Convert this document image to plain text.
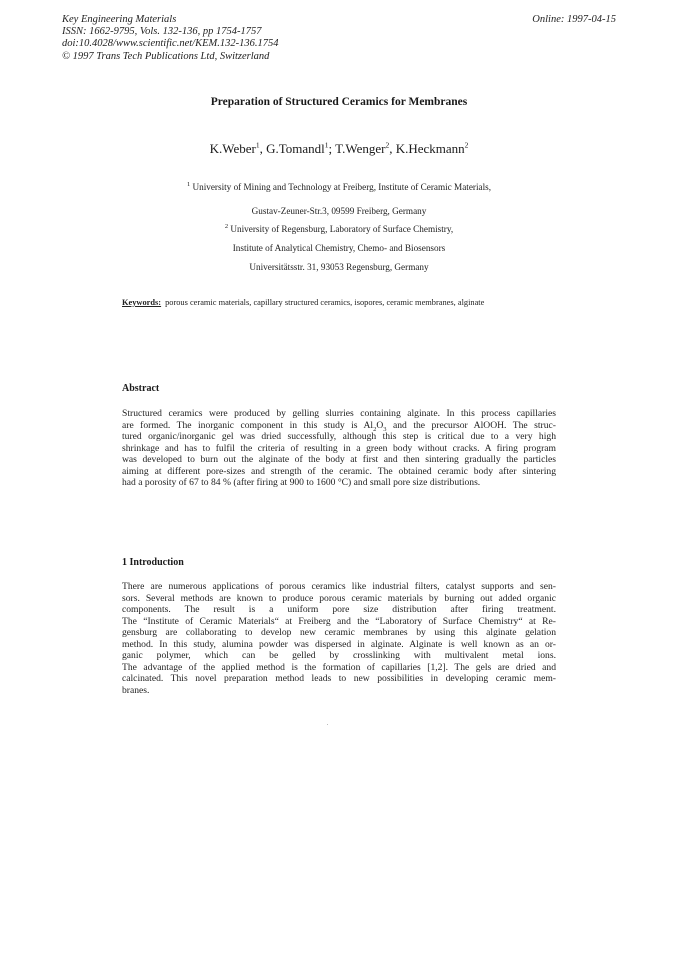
Key Engineering Materials
ISSN: 1662-9795, Vols. 132-136, pp 1754-1757
doi:10.4028/www.scientific.net/KEM.132-136.1754
© 1997 Trans Tech Publications Ltd, Switzerland
Online: 1997-04-15
Preparation of Structured Ceramics for Membranes
K.Weber$^1$, G.Tomandl$^1$; T.Wenger$^2$, K.Heckmann$^2$
$^1$ University of Mining and Technology at Freiberg, Institute of Ceramic Materials,
Gustav-Zeuner-Str.3, 09599 Freiberg, Germany
$^2$ University of Regensburg, Laboratory of Surface Chemistry,
Institute of Analytical Chemistry, Chemo- and Biosensors
Universitätsstr. 31, 93053 Regensburg, Germany
Keywords: porous ceramic materials, capillary structured ceramics, isopores, ceramic membranes, alginate
Abstract
Structured ceramics were produced by gelling slurries containing alginate. In this process capillaries
are formed. The inorganic component in this study is $Al_2O_3$ and the precursor AlOOH. The struc-
tured organic/inorganic gel was dried successfully, although this step is critical due to a very high
shrinkage and has to fulfil the criteria of resulting in a green body without cracks. A firing program
was developed to burn out the alginate of the body at first and then sintering gradually the particles
aiming at different pore-sizes and strength of the ceramic. The obtained ceramic body after sintering
had a porosity of 67 to 84 % (after firing at 900 to 1600 °C) and small pore size distributions.
1 Introduction
There are numerous applications of porous ceramics like industrial filters, catalyst supports and sen-
sors. Several methods are known to produce porous ceramic materials by burning out added organic
components. The result is a uniform pore size distribution after firing treatment.
The “Institute of Ceramic Materials“ at Freiberg and the “Laboratory of Surface Chemistry“ at Re-
gensburg are collaborating to develop new ceramic membranes by using this alginate gelation
method. In this study, alumina powder was dispersed in alginate. Alginate is well known as an or-
ganic polymer, which can be gelled by crosslinking with multivalent metal ions.
The advantage of the applied method is the formation of capillaries [1,2]. The gels are dried and
calcinated. This novel preparation method leads to new possibilities in developing ceramic mem-
branes.
